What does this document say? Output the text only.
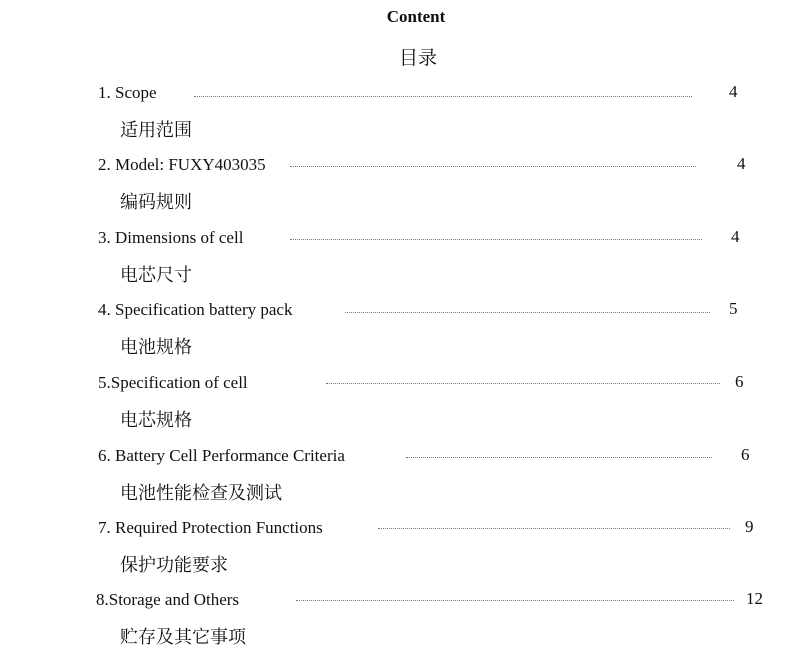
Content
目录
1. Scope	4
适用范围
2. Model: FUXY403035	4
编码规则
3. Dimensions of cell	4
电芯尺寸
4. Specification battery pack	5
电池规格
5.Specification of cell	6
电芯规格
6. Battery Cell Performance Criteria	6
电池性能检查及测试
7. Required Protection Functions	9
保护功能要求
8.Storage and Others	12
贮存及其它事项
